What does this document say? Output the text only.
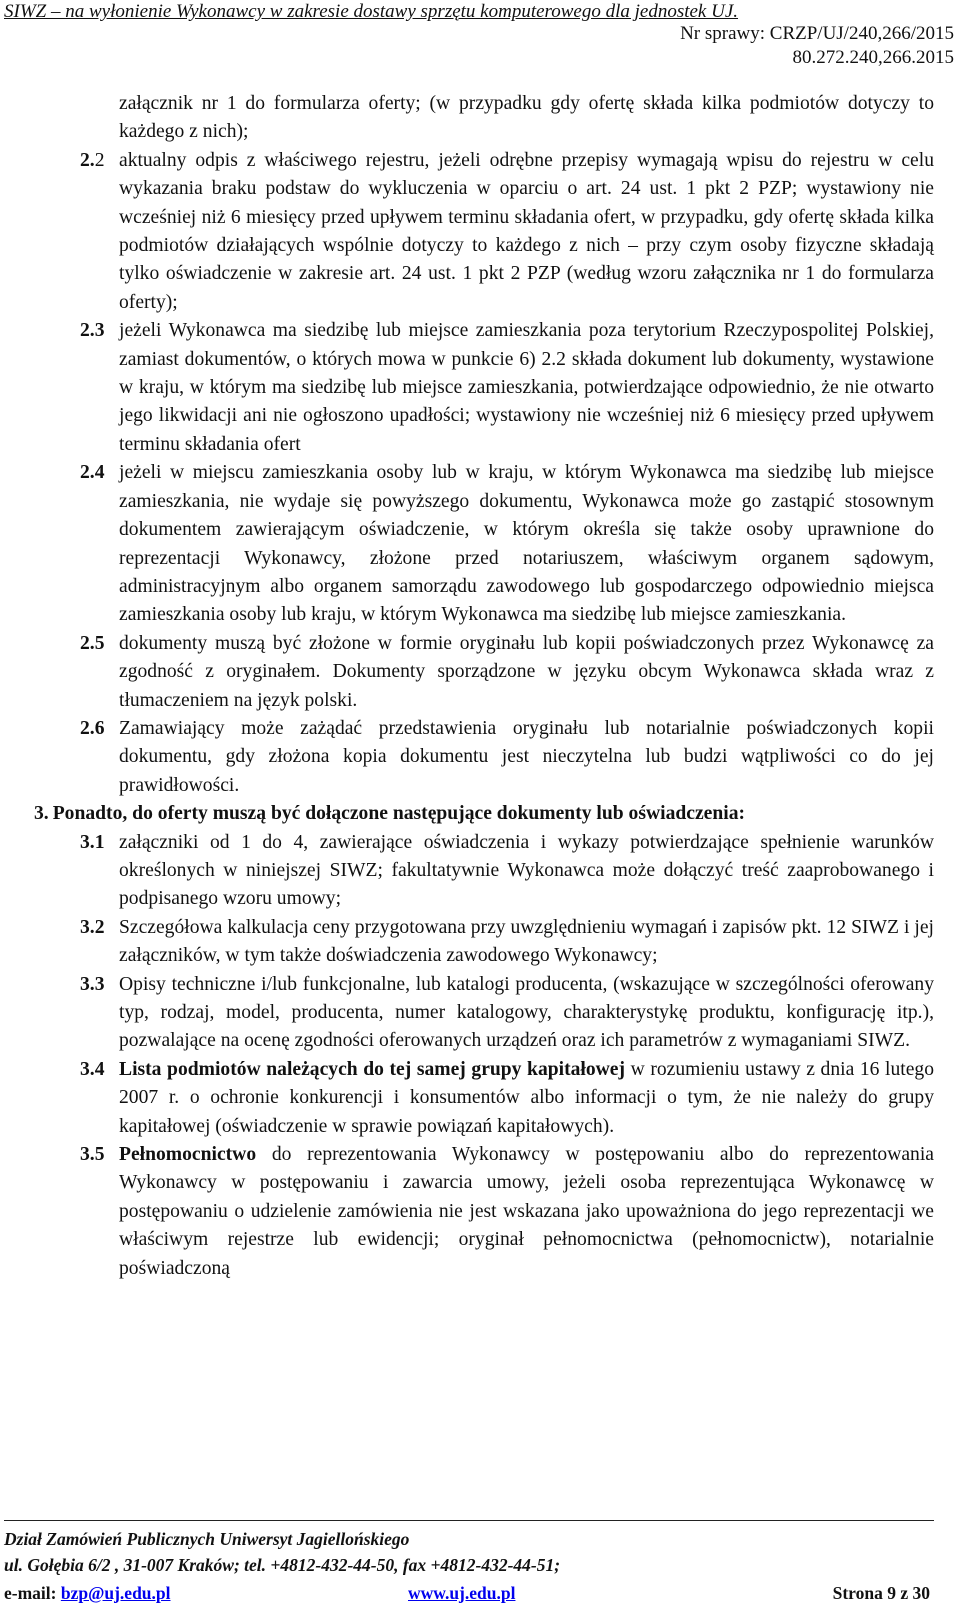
SIWZ – na wyłonienie Wykonawcy w zakresie dostawy sprzętu komputerowego dla jednostek UJ.
Nr sprawy: CRZP/UJ/240,266/2015
80.272.240,266.2015

załącznik nr 1 do formularza oferty; (w przypadku gdy ofertę składa kilka podmiotów dotyczy to każdego z nich);

2.2 aktualny odpis z właściwego rejestru, jeżeli odrębne przepisy wymagają wpisu do rejestru w celu wykazania braku podstaw do wykluczenia w oparciu o art. 24 ust. 1 pkt 2 PZP; wystawiony nie wcześniej niż 6 miesięcy przed upływem terminu składania ofert, w przypadku, gdy ofertę składa kilka podmiotów działających wspólnie dotyczy to każdego z nich – przy czym osoby fizyczne składają tylko oświadczenie w zakresie art. 24 ust. 1 pkt 2 PZP (według wzoru załącznika nr 1 do formularza oferty);

2.3 jeżeli Wykonawca ma siedzibę lub miejsce zamieszkania poza terytorium Rzeczypospolitej Polskiej, zamiast dokumentów, o których mowa w punkcie 6) 2.2 składa dokument lub dokumenty, wystawione w kraju, w którym ma siedzibę lub miejsce zamieszkania, potwierdzające odpowiednio, że nie otwarto jego likwidacji ani nie ogłoszono upadłości; wystawiony nie wcześniej niż 6 miesięcy przed upływem terminu składania ofert

2.4 jeżeli w miejscu zamieszkania osoby lub w kraju, w którym Wykonawca ma siedzibę lub miejsce zamieszkania, nie wydaje się powyższego dokumentu, Wykonawca może go zastąpić stosownym dokumentem zawierającym oświadczenie, w którym określa się także osoby uprawnione do reprezentacji Wykonawcy, złożone przed notariuszem, właściwym organem sądowym, administracyjnym albo organem samorządu zawodowego lub gospodarczego odpowiednio miejsca zamieszkania osoby lub kraju, w którym Wykonawca ma siedzibę lub miejsce zamieszkania.

2.5 dokumenty muszą być złożone w formie oryginału lub kopii poświadczonych przez Wykonawcę za zgodność z oryginałem. Dokumenty sporządzone w języku obcym Wykonawca składa wraz z tłumaczeniem na język polski.

2.6 Zamawiający może zażądać przedstawienia oryginału lub notarialnie poświadczonych kopii dokumentu, gdy złożona kopia dokumentu jest nieczytelna lub budzi wątpliwości co do jej prawidłowości.

3. Ponadto, do oferty muszą być dołączone następujące dokumenty lub oświadczenia:

3.1 załączniki od 1 do 4, zawierające oświadczenia i wykazy potwierdzające spełnienie warunków określonych w niniejszej SIWZ; fakultatywnie Wykonawca może dołączyć treść zaaprobowanego i podpisanego wzoru umowy;

3.2 Szczegółowa kalkulacja ceny przygotowana przy uwzględnieniu wymagań i zapisów pkt. 12 SIWZ i jej załączników, w tym także doświadczenia zawodowego Wykonawcy;

3.3 Opisy techniczne i/lub funkcjonalne, lub katalogi producenta, (wskazujące w szczególności oferowany typ, rodzaj, model, producenta, numer katalogowy, charakterystykę produktu, konfigurację itp.), pozwalające na ocenę zgodności oferowanych urządzeń oraz ich parametrów z wymaganiami SIWZ.

3.4 Lista podmiotów należących do tej samej grupy kapitałowej w rozumieniu ustawy z dnia 16 lutego 2007 r. o ochronie konkurencji i konsumentów albo informacji o tym, że nie należy do grupy kapitałowej (oświadczenie w sprawie powiązań kapitałowych).

3.5 Pełnomocnictwo do reprezentowania Wykonawcy w postępowaniu albo do reprezentowania Wykonawcy w postępowaniu i zawarcia umowy, jeżeli osoba reprezentująca Wykonawcę w postępowaniu o udzielenie zamówienia nie jest wskazana jako upoważniona do jego reprezentacji we właściwym rejestrze lub ewidencji; oryginał pełnomocnictwa (pełnomocnictw), notarialnie poświadczoną

Dział Zamówień Publicznych Uniwersyt Jagiellońskiego
ul. Gołębia 6/2 , 31-007 Kraków; tel. +4812-432-44-50, fax +4812-432-44-51;
e-mail: bzp@uj.edu.pl	www.uj.edu.pl	Strona 9 z 30
